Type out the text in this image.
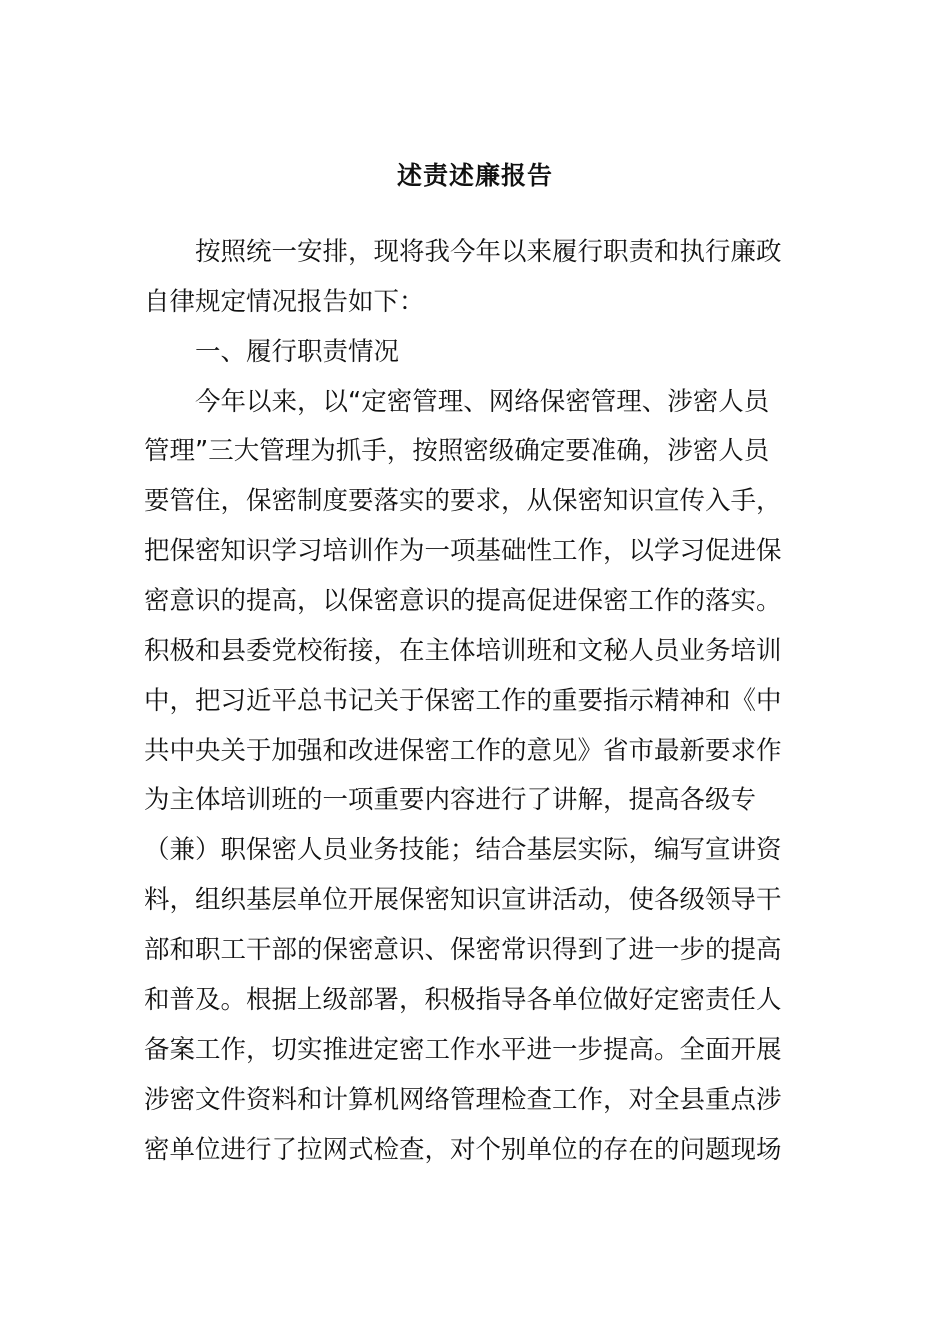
述责述廉报告
　　按照统一安排，现将我今年以来履行职责和执行廉政
自律规定情况报告如下：
　　一、履行职责情况
　　今年以来，以“定密管理、网络保密管理、涉密人员
管理”三大管理为抓手，按照密级确定要准确，涉密人员
要管住，保密制度要落实的要求，从保密知识宣传入手，
把保密知识学习培训作为一项基础性工作，以学习促进保
密意识的提高，以保密意识的提高促进保密工作的落实。
积极和县委党校衔接，在主体培训班和文秘人员业务培训
中，把习近平总书记关于保密工作的重要指示精神和《中
共中央关于加强和改进保密工作的意见》省市最新要求作
为主体培训班的一项重要内容进行了讲解，提高各级专
（兼）职保密人员业务技能；结合基层实际，编写宣讲资
料，组织基层单位开展保密知识宣讲活动，使各级领导干
部和职工干部的保密意识、保密常识得到了进一步的提高
和普及。根据上级部署，积极指导各单位做好定密责任人
备案工作，切实推进定密工作水平进一步提高。全面开展
涉密文件资料和计算机网络管理检查工作，对全县重点涉
密单位进行了拉网式检查，对个别单位的存在的问题现场
